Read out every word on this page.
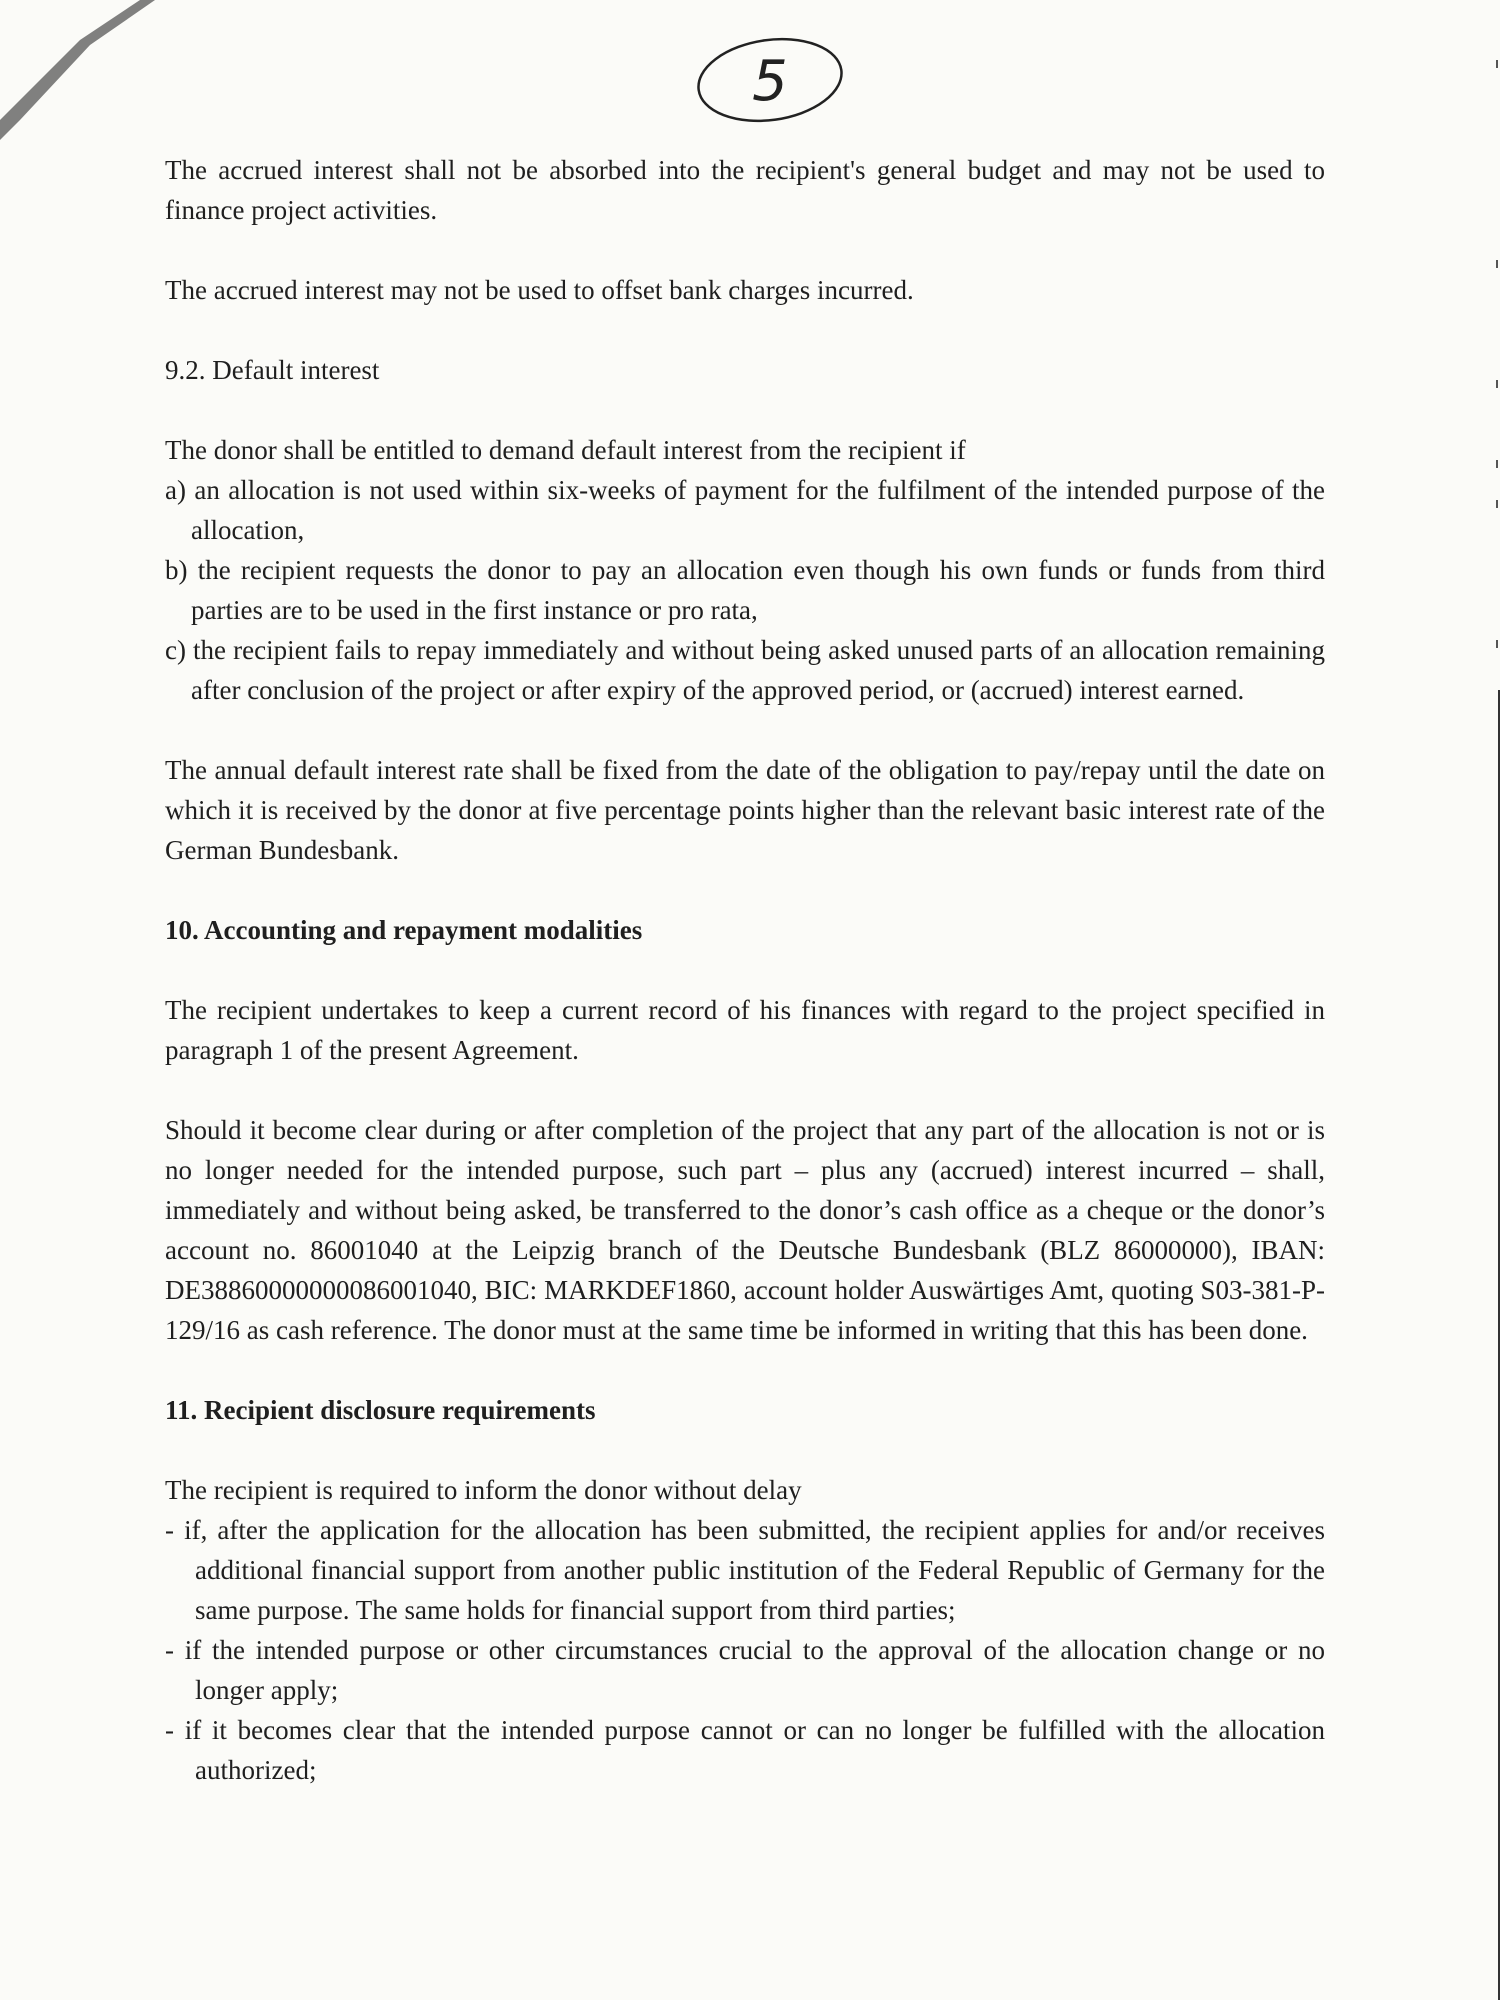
5

The accrued interest shall not be absorbed into the recipient's general budget and may not be used to finance project activities.

The accrued interest may not be used to offset bank charges incurred.

9.2. Default interest
The donor shall be entitled to demand default interest from the recipient if
a) an allocation is not used within six-weeks of payment for the fulfilment of the intended purpose of the allocation,
b) the recipient requests the donor to pay an allocation even though his own funds or funds from third parties are to be used in the first instance or pro rata,
c) the recipient fails to repay immediately and without being asked unused parts of an allocation remaining after conclusion of the project or after expiry of the approved period, or (accrued) interest earned.

The annual default interest rate shall be fixed from the date of the obligation to pay/repay until the date on which it is received by the donor at five percentage points higher than the relevant basic interest rate of the German Bundesbank.

10. Accounting and repayment modalities

The recipient undertakes to keep a current record of his finances with regard to the project specified in paragraph 1 of the present Agreement.

Should it become clear during or after completion of the project that any part of the allocation is not or is no longer needed for the intended purpose, such part – plus any (accrued) interest incurred – shall, immediately and without being asked, be transferred to the donor’s cash office as a cheque or the donor’s account no. 86001040 at the Leipzig branch of the Deutsche Bundesbank (BLZ 86000000), IBAN: DE38860000000086001040, BIC: MARKDEF1860, account holder Auswärtiges Amt, quoting S03-381-P-129/16 as cash reference. The donor must at the same time be informed in writing that this has been done.

11. Recipient disclosure requirements
The recipient is required to inform the donor without delay
- if, after the application for the allocation has been submitted, the recipient applies for and/or receives additional financial support from another public institution of the Federal Republic of Germany for the same purpose. The same holds for financial support from third parties;
- if the intended purpose or other circumstances crucial to the approval of the allocation change or no longer apply;
- if it becomes clear that the intended purpose cannot or can no longer be fulfilled with the allocation authorized;
